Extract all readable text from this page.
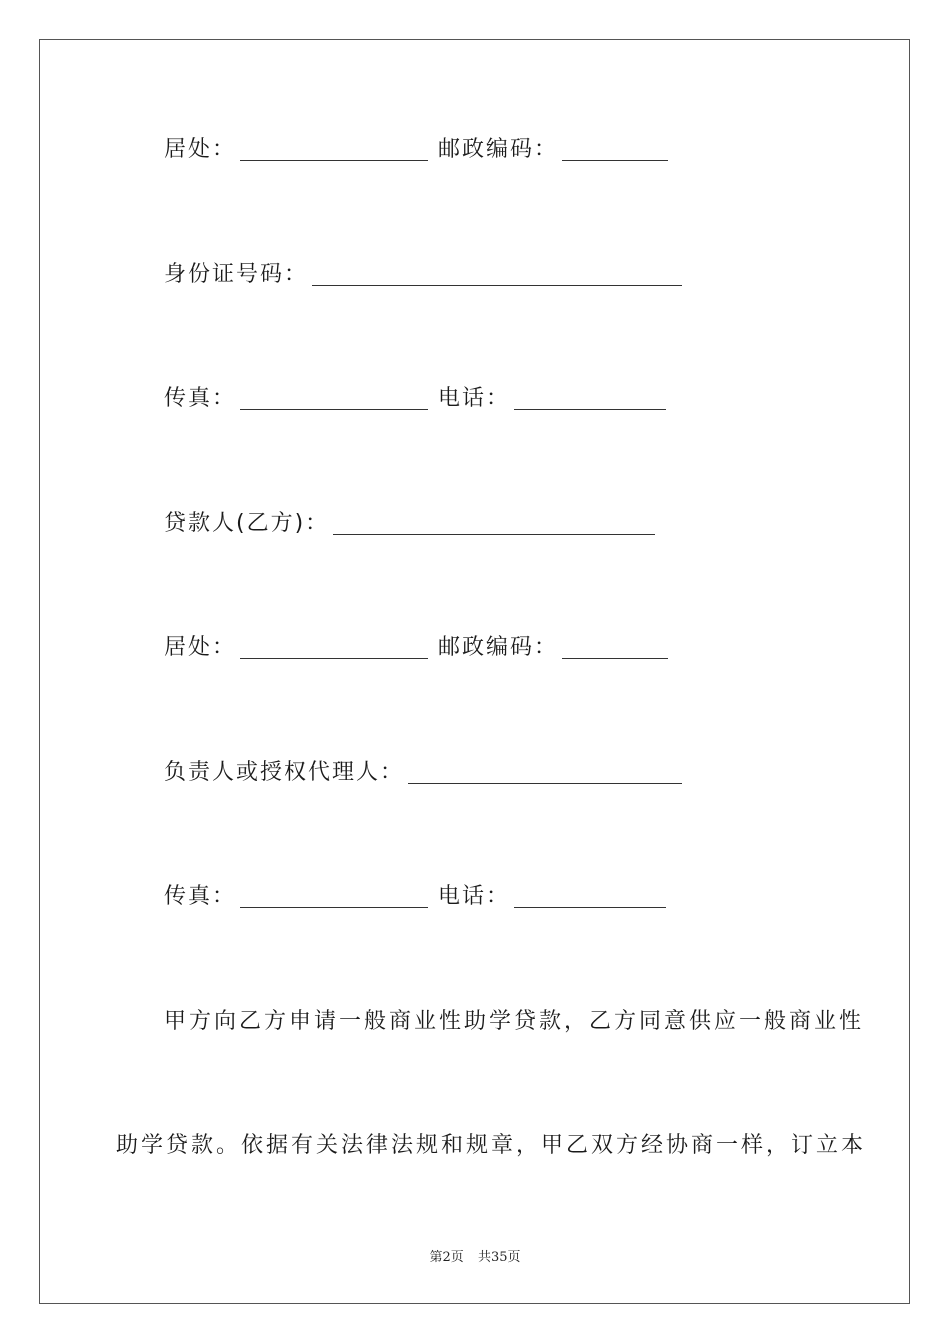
居处：	邮政编码：
身份证号码：
传真：	电话：
贷款人(乙方)：
居处：	邮政编码：
负责人或授权代理人：
传真：	电话：
甲方向乙方申请一般商业性助学贷款，乙方同意供应一般商业性
助学贷款。依据有关法律法规和规章，甲乙双方经协商一样，订立本
第2页 共35页
